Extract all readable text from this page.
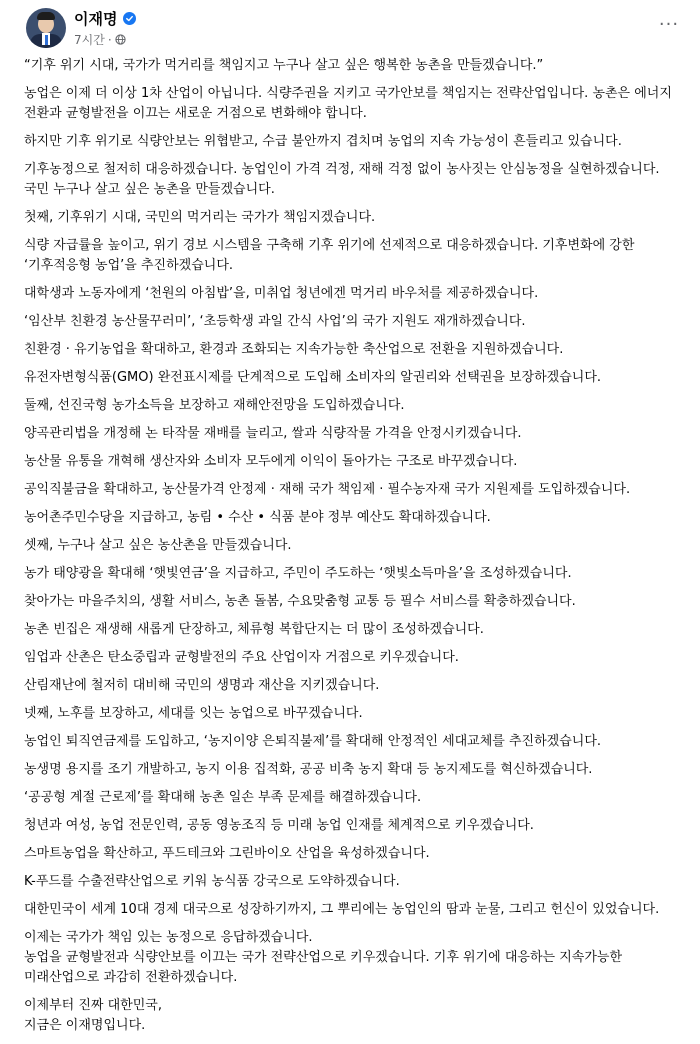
이재명
7시간 ·
···

“기후 위기 시대, 국가가 먹거리를 책임지고 누구나 살고 싶은 행복한 농촌을 만들겠습니다.”

농업은 이제 더 이상 1차 산업이 아닙니다. 식량주권을 지키고 국가안보를 책임지는 전략산업입니다. 농촌은 에너지 전환과 균형발전을 이끄는 새로운 거점으로 변화해야 합니다.

하지만 기후 위기로 식량안보는 위협받고, 수급 불안까지 겹치며 농업의 지속 가능성이 흔들리고 있습니다.

기후농정으로 철저히 대응하겠습니다. 농업인이 가격 걱정, 재해 걱정 없이 농사짓는 안심농정을 실현하겠습니다. 국민 누구나 살고 싶은 농촌을 만들겠습니다.

첫째, 기후위기 시대, 국민의 먹거리는 국가가 책임지겠습니다.

식량 자급률을 높이고, 위기 경보 시스템을 구축해 기후 위기에 선제적으로 대응하겠습니다. 기후변화에 강한 ‘기후적응형 농업’을 추진하겠습니다.

대학생과 노동자에게 ‘천원의 아침밥’을, 미취업 청년에겐 먹거리 바우처를 제공하겠습니다.

‘임산부 친환경 농산물꾸러미’, ‘초등학생 과일 간식 사업’의 국가 지원도 재개하겠습니다.

친환경 · 유기농업을 확대하고, 환경과 조화되는 지속가능한 축산업으로 전환을 지원하겠습니다.

유전자변형식품(GMO) 완전표시제를 단계적으로 도입해 소비자의 알권리와 선택권을 보장하겠습니다.

둘째, 선진국형 농가소득을 보장하고 재해안전망을 도입하겠습니다.

양곡관리법을 개정해 논 타작물 재배를 늘리고, 쌀과 식량작물 가격을 안정시키겠습니다.

농산물 유통을 개혁해 생산자와 소비자 모두에게 이익이 돌아가는 구조로 바꾸겠습니다.

공익직불금을 확대하고, 농산물가격 안정제 · 재해 국가 책임제 · 필수농자재 국가 지원제를 도입하겠습니다.

농어촌주민수당을 지급하고, 농림 • 수산 • 식품 분야 정부 예산도 확대하겠습니다.

셋째, 누구나 살고 싶은 농산촌을 만들겠습니다.

농가 태양광을 확대해 ‘햇빛연금’을 지급하고, 주민이 주도하는 ‘햇빛소득마을’을 조성하겠습니다.

찾아가는 마을주치의, 생활 서비스, 농촌 돌봄, 수요맞춤형 교통 등 필수 서비스를 확충하겠습니다.

농촌 빈집은 재생해 새롭게 단장하고, 체류형 복합단지는 더 많이 조성하겠습니다.

임업과 산촌은 탄소중립과 균형발전의 주요 산업이자 거점으로 키우겠습니다.

산림재난에 철저히 대비해 국민의 생명과 재산을 지키겠습니다.

넷째, 노후를 보장하고, 세대를 잇는 농업으로 바꾸겠습니다.

농업인 퇴직연금제를 도입하고, ‘농지이양 은퇴직불제’를 확대해 안정적인 세대교체를 추진하겠습니다.

농생명 용지를 조기 개발하고, 농지 이용 집적화, 공공 비축 농지 확대 등 농지제도를 혁신하겠습니다.

‘공공형 계절 근로제’를 확대해 농촌 일손 부족 문제를 해결하겠습니다.

청년과 여성, 농업 전문인력, 공동 영농조직 등 미래 농업 인재를 체계적으로 키우겠습니다.

스마트농업을 확산하고, 푸드테크와 그린바이오 산업을 육성하겠습니다.

K-푸드를 수출전략산업으로 키워 농식품 강국으로 도약하겠습니다.

대한민국이 세계 10대 경제 대국으로 성장하기까지, 그 뿌리에는 농업인의 땀과 눈물, 그리고 헌신이 있었습니다.

이제는 국가가 책임 있는 농정으로 응답하겠습니다.
농업을 균형발전과 식량안보를 이끄는 국가 전략산업으로 키우겠습니다. 기후 위기에 대응하는 지속가능한 미래산업으로 과감히 전환하겠습니다.

이제부터 진짜 대한민국,
지금은 이재명입니다.
